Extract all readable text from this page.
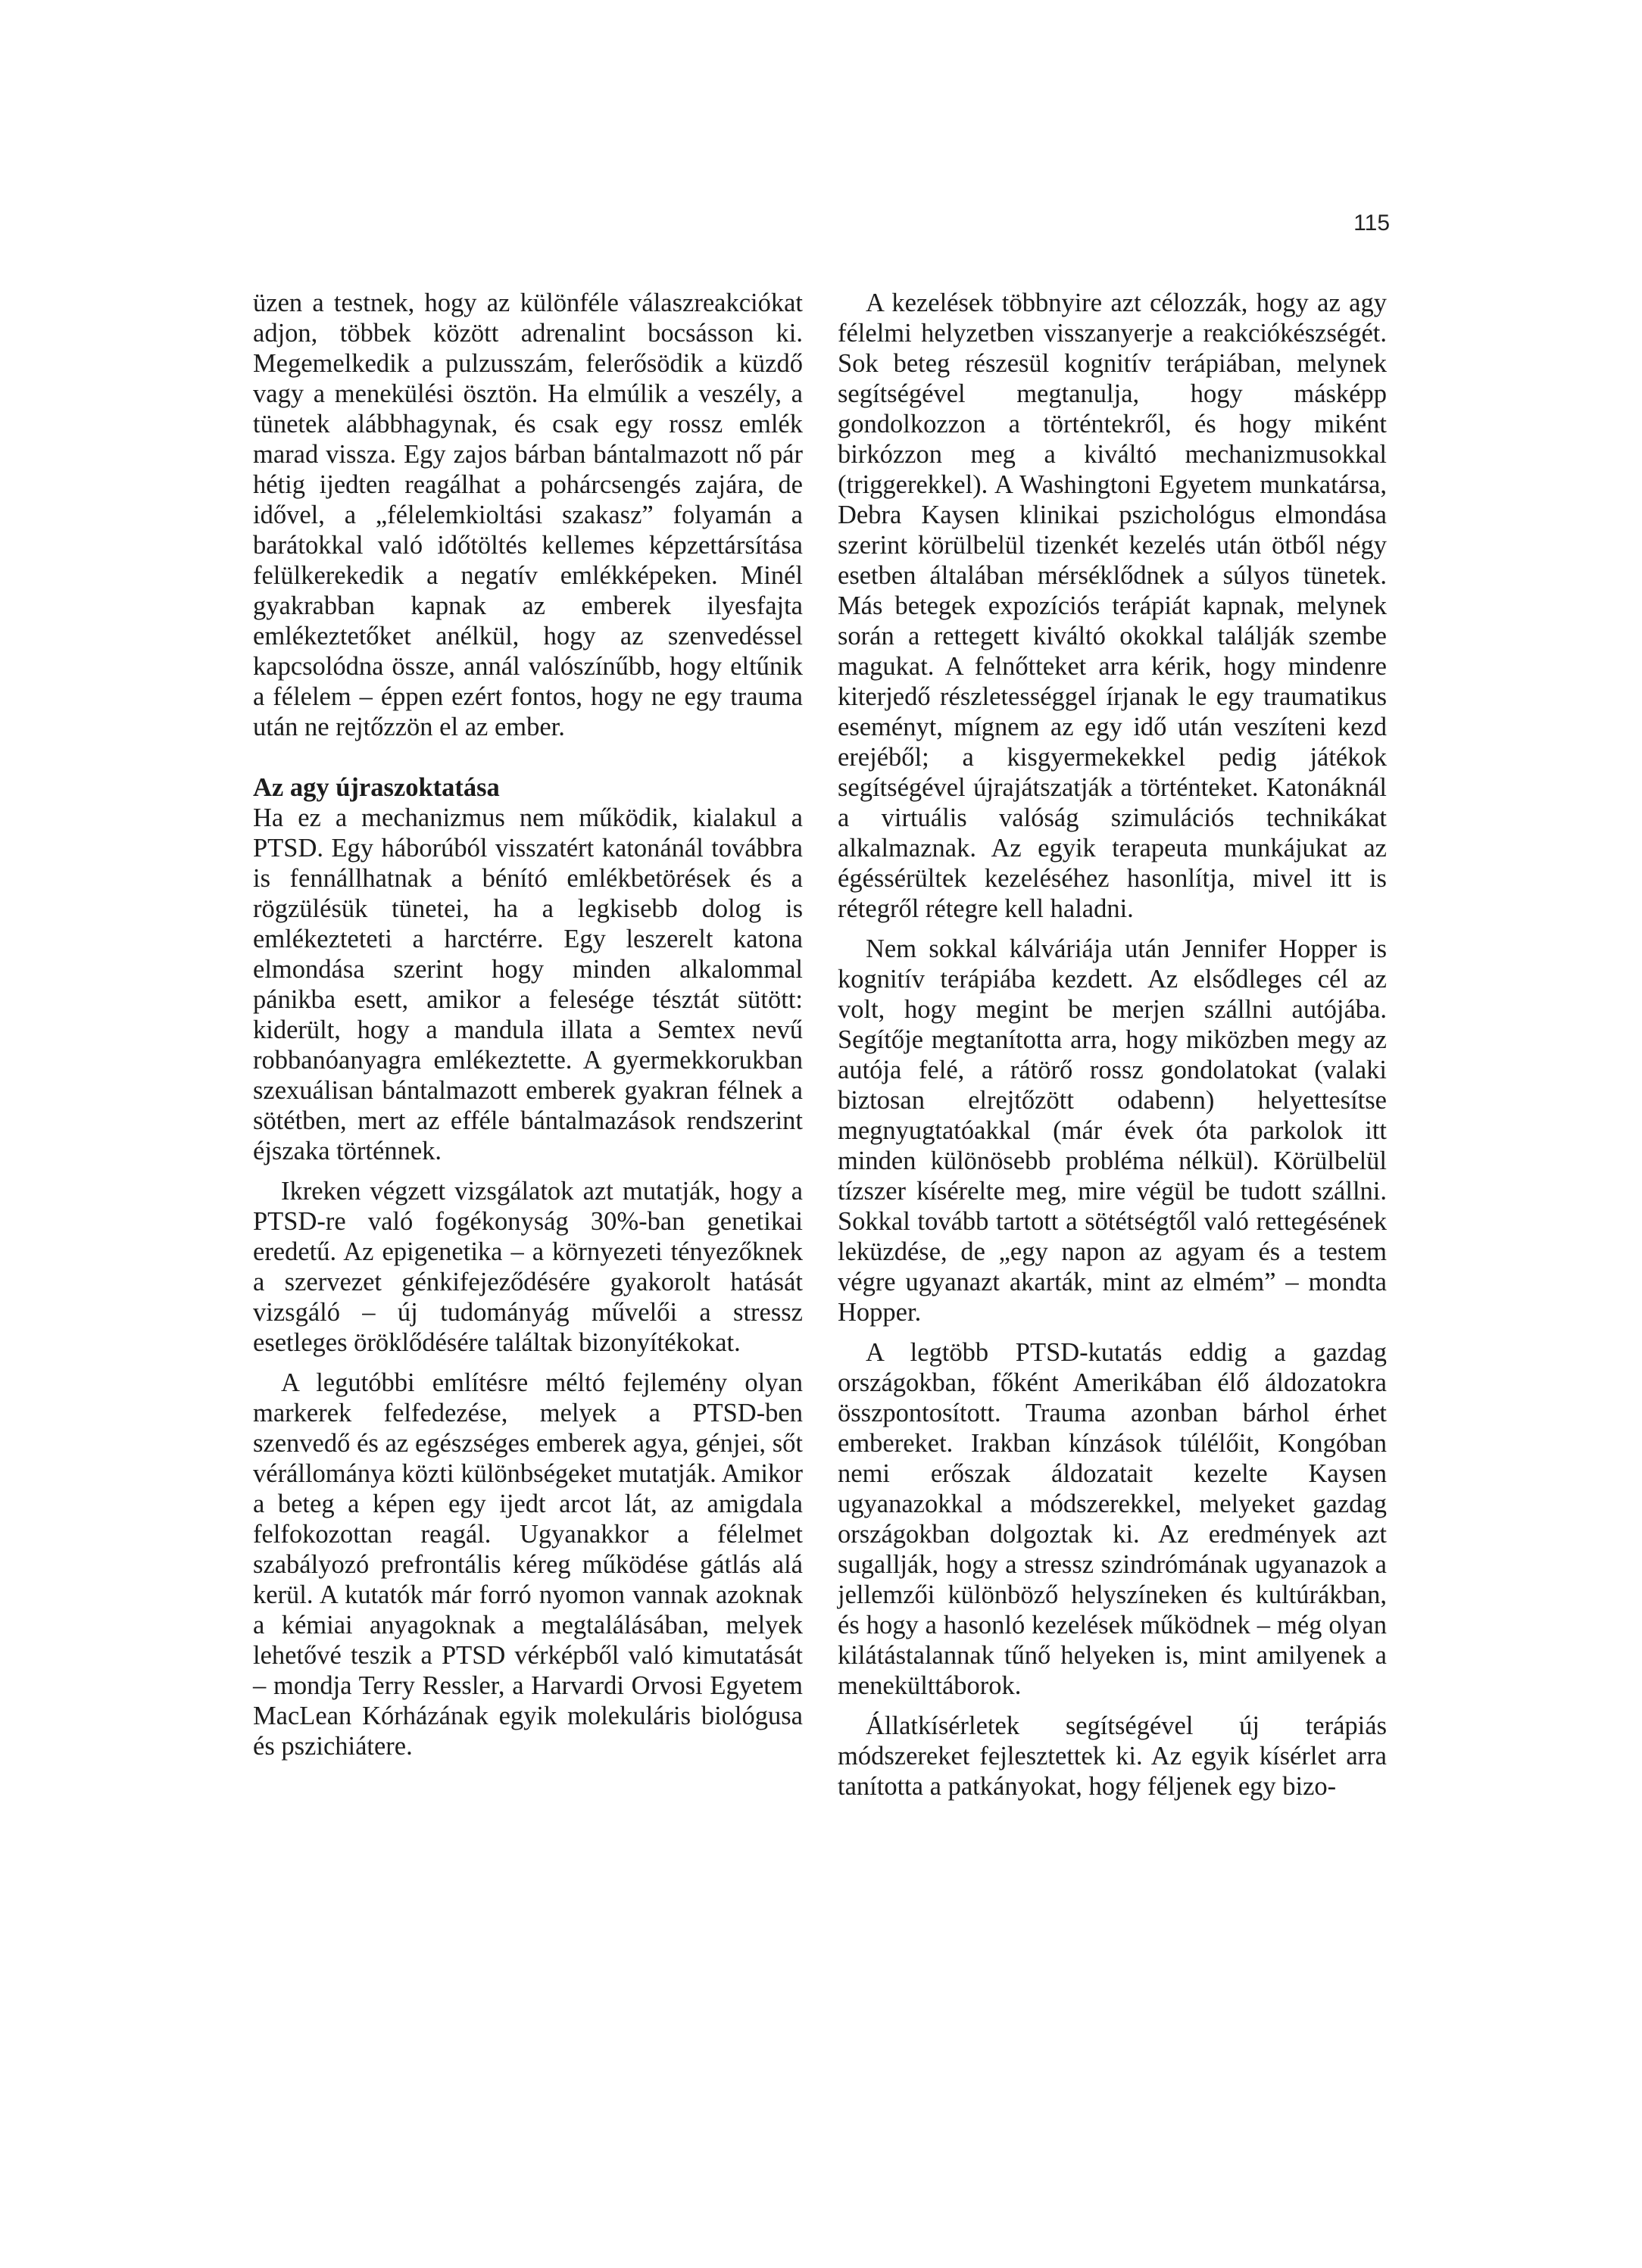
115

üzen a testnek, hogy az különféle válaszreakciókat adjon, többek között adrenalint bocsásson ki. Megemelkedik a pulzusszám, felerősödik a küzdő vagy a menekülési ösztön. Ha elmúlik a veszély, a tünetek alábbhagynak, és csak egy rossz emlék marad vissza. Egy zajos bárban bántalmazott nő pár hétig ijedten reagálhat a pohárcsengés zajára, de idővel, a „félelemkioltási szakasz” folyamán a barátokkal való időtöltés kellemes képzettársítása felülkerekedik a negatív emlékképeken. Minél gyakrabban kapnak az emberek ilyesfajta emlékeztetőket anélkül, hogy az szenvedéssel kapcsolódna össze, annál valószínűbb, hogy eltűnik a félelem – éppen ezért fontos, hogy ne egy trauma után ne rejtőzzön el az ember.

Az agy újraszoktatása

Ha ez a mechanizmus nem működik, kialakul a PTSD. Egy háborúból visszatért katonánál továbbra is fennállhatnak a bénító emlékbetörések és a rögzülésük tünetei, ha a legkisebb dolog is emlékezteteti a harctérre. Egy leszerelt katona elmondása szerint hogy minden alkalommal pánikba esett, amikor a felesége tésztát sütött: kiderült, hogy a mandula illata a Semtex nevű robbanóanyagra emlékeztette. A gyermekkorukban szexuálisan bántalmazott emberek gyakran félnek a sötétben, mert az efféle bántalmazások rendszerint éjszaka történnek.

Ikreken végzett vizsgálatok azt mutatják, hogy a PTSD-re való fogékonyság 30%-ban genetikai eredetű. Az epigenetika – a környezeti tényezőknek a szervezet génkifejeződésére gyakorolt hatását vizsgáló – új tudományág művelői a stressz esetleges öröklődésére találtak bizonyítékokat.

A legutóbbi említésre méltó fejlemény olyan markerek felfedezése, melyek a PTSD-ben szenvedő és az egészséges emberek agya, génjei, sőt vérállománya közti különbségeket mutatják. Amikor a beteg a képen egy ijedt arcot lát, az amigdala felfokozottan reagál. Ugyanakkor a félelmet szabályozó prefrontális kéreg működése gátlás alá kerül. A kutatók már forró nyomon vannak azoknak a kémiai anyagoknak a megtalálásában, melyek lehetővé teszik a PTSD vérképből való kimutatását – mondja Terry Ressler, a Harvardi Orvosi Egyetem MacLean Kórházának egyik molekuláris biológusa és pszichiátere.

A kezelések többnyire azt célozzák, hogy az agy félelmi helyzetben visszanyerje a reakciókészségét. Sok beteg részesül kognitív terápiában, melynek segítségével megtanulja, hogy másképp gondolkozzon a történtekről, és hogy miként birkózzon meg a kiváltó mechanizmusokkal (triggerekkel). A Washingtoni Egyetem munkatársa, Debra Kaysen klinikai pszichológus elmondása szerint körülbelül tizenkét kezelés után ötből négy esetben általában mérséklődnek a súlyos tünetek. Más betegek expozíciós terápiát kapnak, melynek során a rettegett kiváltó okokkal találják szembe magukat. A felnőtteket arra kérik, hogy mindenre kiterjedő részletességgel írjanak le egy traumatikus eseményt, mígnem az egy idő után veszíteni kezd erejéből; a kisgyermekekkel pedig játékok segítségével újrajátszatják a történteket. Katonáknál a virtuális valóság szimulációs technikákat alkalmaznak. Az egyik terapeuta munkájukat az égéssérültek kezeléséhez hasonlítja, mivel itt is rétegről rétegre kell haladni.

Nem sokkal kálváriája után Jennifer Hopper is kognitív terápiába kezdett. Az elsődleges cél az volt, hogy megint be merjen szállni autójába. Segítője megtanította arra, hogy miközben megy az autója felé, a rátörő rossz gondolatokat (valaki biztosan elrejtőzött odabenn) helyettesítse megnyugtatóakkal (már évek óta parkolok itt minden különösebb probléma nélkül). Körülbelül tízszer kísérelte meg, mire végül be tudott szállni. Sokkal tovább tartott a sötétségtől való rettegésének leküzdése, de „egy napon az agyam és a testem végre ugyanazt akarták, mint az elmém” – mondta Hopper.

A legtöbb PTSD-kutatás eddig a gazdag országokban, főként Amerikában élő áldozatokra összpontosított. Trauma azonban bárhol érhet embereket. Irakban kínzások túlélőit, Kongóban nemi erőszak áldozatait kezelte Kaysen ugyanazokkal a módszerekkel, melyeket gazdag országokban dolgoztak ki. Az eredmények azt sugallják, hogy a stressz szindrómának ugyanazok a jellemzői különböző helyszíneken és kultúrákban, és hogy a hasonló kezelések működnek – még olyan kilátástalannak tűnő helyeken is, mint amilyenek a menekülttáborok.

Állatkísérletek segítségével új terápiás módszereket fejlesztettek ki. Az egyik kísérlet arra tanította a patkányokat, hogy féljenek egy bizo-
